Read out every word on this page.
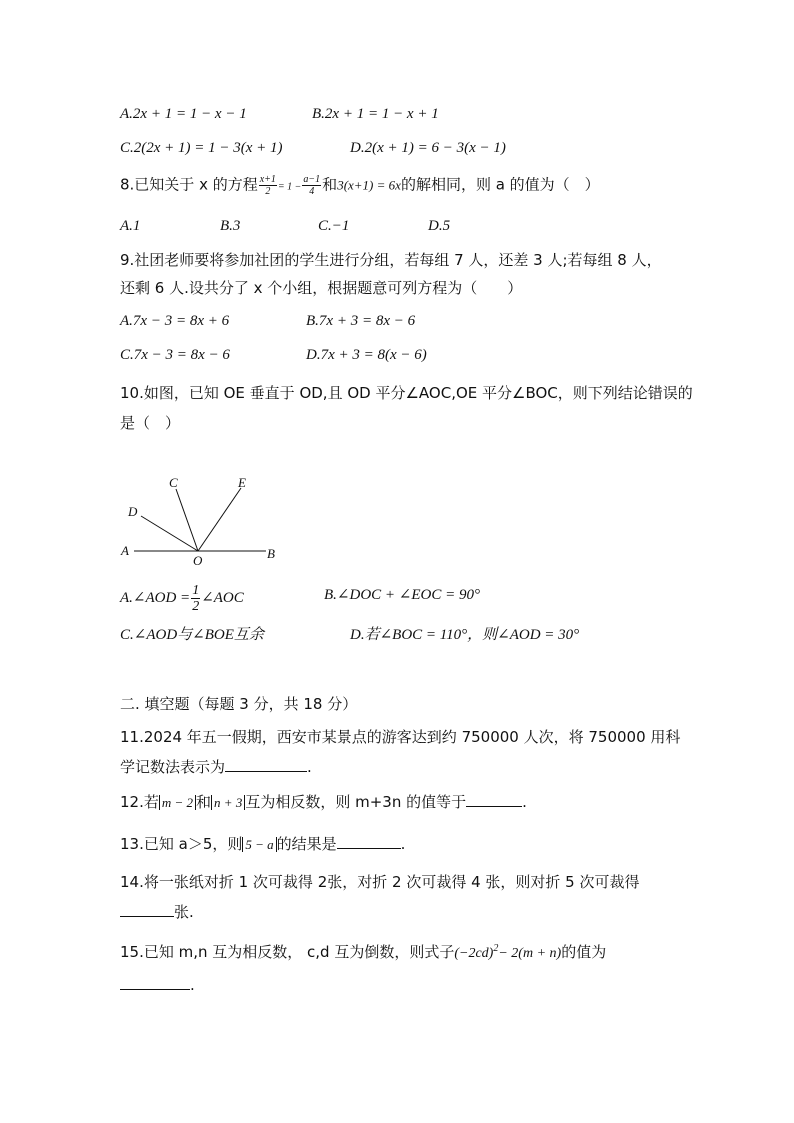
A.2x + 1 = 1 − x − 1	B.2x + 1 = 1 − x + 1
C.2(2x + 1) = 1 − 3(x + 1)	D.2(x + 1) = 6 − 3(x − 1)
8.已知关于 x 的方程 $\frac{x+1}{2} = 1 - \frac{a-1}{4}$ 和3(x+1) = 6x的解相同，则 a 的值为（　）
A.1	B.3	C.−1	D.5
9.社团老师要将参加社团的学生进行分组，若每组 7 人，还差 3 人;若每组 8 人，
还剩 6 人.设共分了 x 个小组，根据题意可列方程为（　　）
A.7x − 3 = 8x + 6	B.7x + 3 = 8x − 6
C.7x − 3 = 8x − 6	D.7x + 3 = 8(x − 6)
10.如图，已知 OE 垂直于 OD,且 OD 平分∠AOC,OE 平分∠BOC，则下列结论错误的
是（　）
A	B
C
D
E
O
A.∠AOD = $\frac{1}{2}$ ∠AOC	B.∠DOC + ∠EOC = 90°
C.∠AOD与∠BOE互余	D.若∠BOC = 110°，则∠AOD = 30°
二. 填空题（每题 3 分，共 18 分）
11.2024 年五一假期，西安市某景点的游客达到约 750000 人次，将 750000 用科
学记数法表示为	.
12.若 m − 2 和 n + 3 互为相反数，则 m+3n 的值等于	.
13.已知 a＞5，则 5 − a 的结果是	.
14.将一张纸对折 1 次可裁得 2张，对折 2 次可裁得 4 张，则对折 5 次可裁得
张.
15.已知 m,n 互为相反数， c,d 互为倒数，则式子$(-2cd)^2- 2(m + n)$的值为
.
